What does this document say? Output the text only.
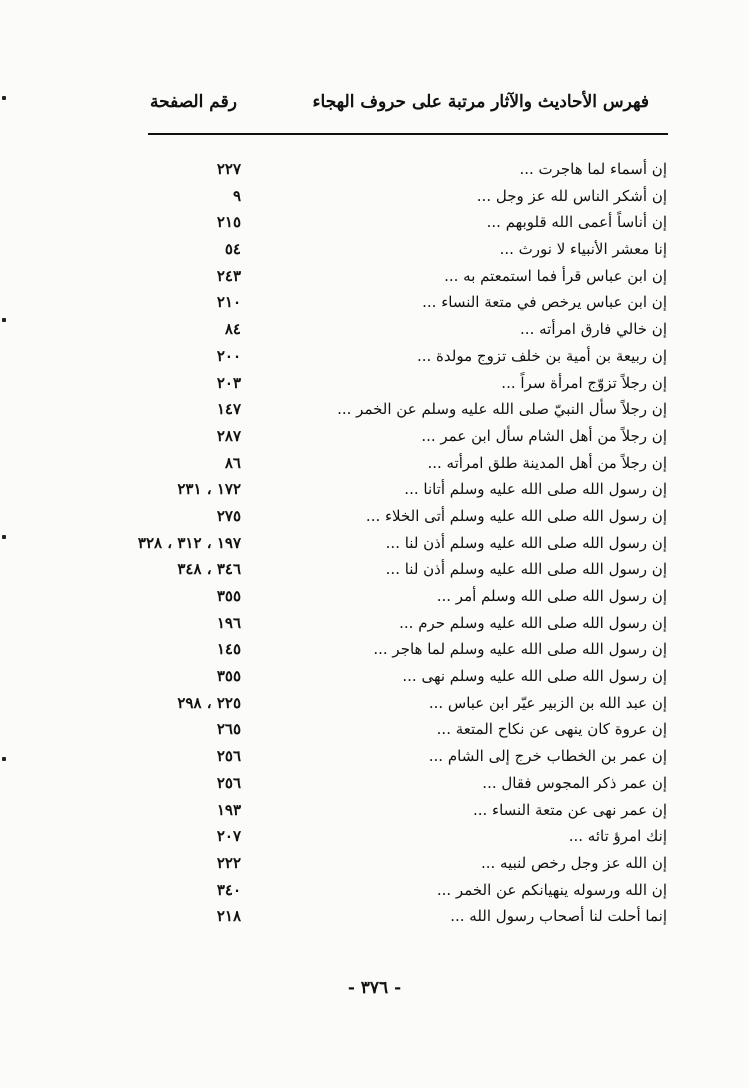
فهرس الأحاديث والآثار مرتبة على حروف الهجاء
رقم الصفحة
إن أسماء لما هاجرت ...
٢٢٧
إن أشكر الناس لله عز وجل ...
٩
إن أناساً أعمى الله قلوبهم ...
٢١٥
إنا معشر الأنبياء لا نورث ...
٥٤
إن ابن عباس قرأ فما استمعتم به ...
٢٤٣
إن ابن عباس يرخص في متعة النساء ...
٢١٠
إن خالي فارق امرأته ...
٨٤
إن ربيعة بن أمية بن خلف تزوج مولدة ...
٢٠٠
إن رجلاً تزوّج امرأة سراً ...
٢٠٣
إن رجلاً سأل النبيّ صلى الله عليه وسلم عن الخمر ...
١٤٧
إن رجلاً من أهل الشام سأل ابن عمر ...
٢٨٧
إن رجلاً من أهل المدينة طلق امرأته ...
٨٦
إن رسول الله صلى الله عليه وسلم أتانا ...
١٧٢ ، ٢٣١
إن رسول الله صلى الله عليه وسلم أتى الخلاء ...
٢٧٥
إن رسول الله صلى الله عليه وسلم أذن لنا ...
١٩٧ ، ٣١٢ ، ٣٢٨
إن رسول الله صلى الله عليه وسلم أذن لنا ...
٣٤٦ ، ٣٤٨
إن رسول الله صلى الله وسلم أمر ...
٣٥٥
إن رسول الله صلى الله عليه وسلم حرم ...
١٩٦
إن رسول الله صلى الله عليه وسلم لما هاجر ...
١٤٥
إن رسول الله صلى الله عليه وسلم نهى ...
٣٥٥
إن عبد الله بن الزبير عيّر ابن عباس ...
٢٢٥ ، ٢٩٨
إن عروة كان ينهى عن نكاح المتعة ...
٢٦٥
إن عمر بن الخطاب خرج إلى الشام ...
٢٥٦
إن عمر ذكر المجوس فقال ...
٢٥٦
إن عمر نهى عن متعة النساء ...
١٩٣
إنك امرؤ تائه ...
٢٠٧
إن الله عز وجل رخص لنبيه ...
٢٢٢
إن الله ورسوله ينهيانكم عن الخمر ...
٣٤٠
إنما أحلت لنا أصحاب رسول الله ...
٢١٨
- ٣٧٦ -
